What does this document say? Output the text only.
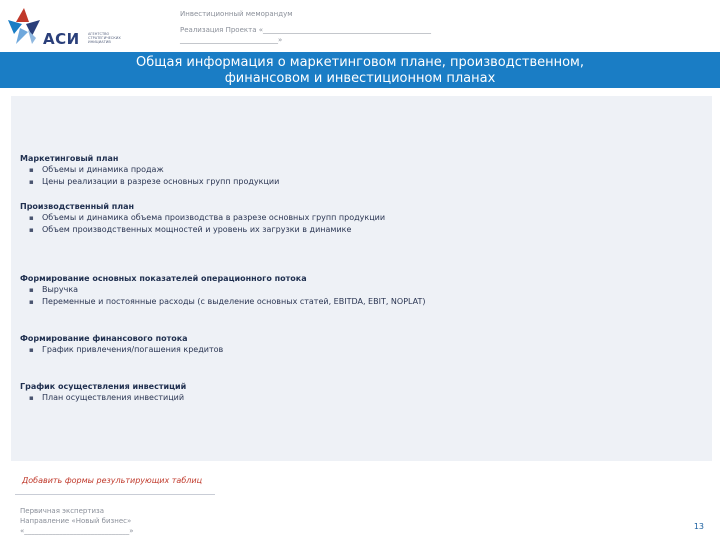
АСИ АГЕНТСТВО
СТРАТЕГИЧЕСКИХ
ИНИЦИАТИВ
Инвестиционный меморандум
Реализация Проекта «________________________________________________
____________________________»
Общая информация о маркетинговом плане, производственном,
финансовом и инвестиционном планах
Маркетинговый план
▪ Объемы и динамика продаж
▪ Цены реализации в разрезе основных групп продукции
Производственный план
▪ Объемы и динамика объема производства в разрезе основных групп продукции
▪ Объем производственных мощностей и уровень их загрузки в динамике
Формирование основных показателей операционного потока
▪ Выручка
▪ Переменные и постоянные расходы (с выделение основных статей, EBITDA, EBIT, NOPLAT)
Формирование финансового потока
▪ График привлечения/погашения кредитов
График осуществления инвестиций
▪ План осуществления инвестиций
Добавить формы результирующих таблиц
Первичная экспертиза
Направление «Новый бизнес»
«______________________________»	13
